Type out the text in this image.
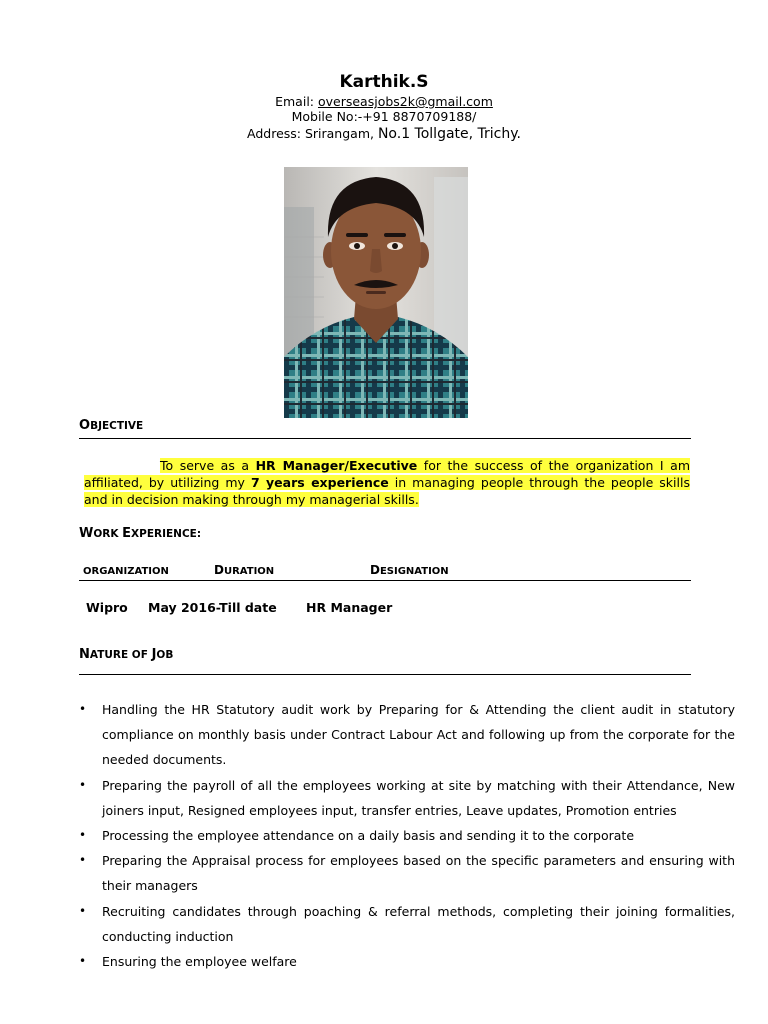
Karthik.S
Email: overseasjobs2k@gmail.com
Mobile No:-+91 8870709188/
Address: Srirangam, No.1 Tollgate, Trichy.
OBJECTIVE
To serve as a HR Manager/Executive for the success of the organization I am affiliated, by utilizing my 7 years experience in managing people through the people skills and in decision making through my managerial skills.
WORK EXPERIENCE:
ORGANIZATION	DURATION	DESIGNATION
Wipro May 2016-Till date HR Manager
NATURE OF JOB
• Handling the HR Statutory audit work by Preparing for & Attending the client audit in statutory compliance on monthly basis under Contract Labour Act and following up from the corporate for the needed documents.
• Preparing the payroll of all the employees working at site by matching with their Attendance, New joiners input, Resigned employees input, transfer entries, Leave updates, Promotion entries
• Processing the employee attendance on a daily basis and sending it to the corporate
• Preparing the Appraisal process for employees based on the specific parameters and ensuring with their managers
• Recruiting candidates through poaching & referral methods, completing their joining formalities, conducting induction
• Ensuring the employee welfare
